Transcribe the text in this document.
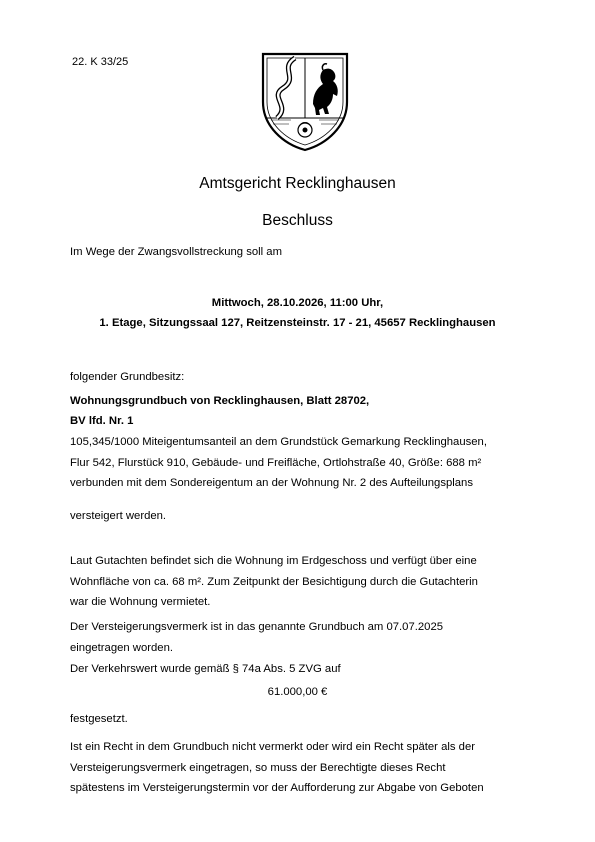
22. K 33/25
Amtsgericht Recklinghausen
Beschluss
Im Wege der Zwangsvollstreckung soll am
Mittwoch, 28.10.2026, 11:00 Uhr,
1. Etage, Sitzungssaal 127, Reitzensteinstr. 17 - 21, 45657 Recklinghausen
folgender Grundbesitz:
Wohnungsgrundbuch von Recklinghausen, Blatt 28702,
BV lfd. Nr. 1
105,345/1000 Miteigentumsanteil an dem Grundstück Gemarkung Recklinghausen,
Flur 542, Flurstück 910, Gebäude- und Freifläche, Ortlohstraße 40, Größe: 688 m²
verbunden mit dem Sondereigentum an der Wohnung Nr. 2 des Aufteilungsplans
versteigert werden.
Laut Gutachten befindet sich die Wohnung im Erdgeschoss und verfügt über eine
Wohnfläche von ca. 68 m². Zum Zeitpunkt der Besichtigung durch die Gutachterin
war die Wohnung vermietet.
Der Versteigerungsvermerk ist in das genannte Grundbuch am 07.07.2025
eingetragen worden.
Der Verkehrswert wurde gemäß § 74a Abs. 5 ZVG auf
61.000,00 €
festgesetzt.
Ist ein Recht in dem Grundbuch nicht vermerkt oder wird ein Recht später als der
Versteigerungsvermerk eingetragen, so muss der Berechtigte dieses Recht
spätestens im Versteigerungstermin vor der Aufforderung zur Abgabe von Geboten
